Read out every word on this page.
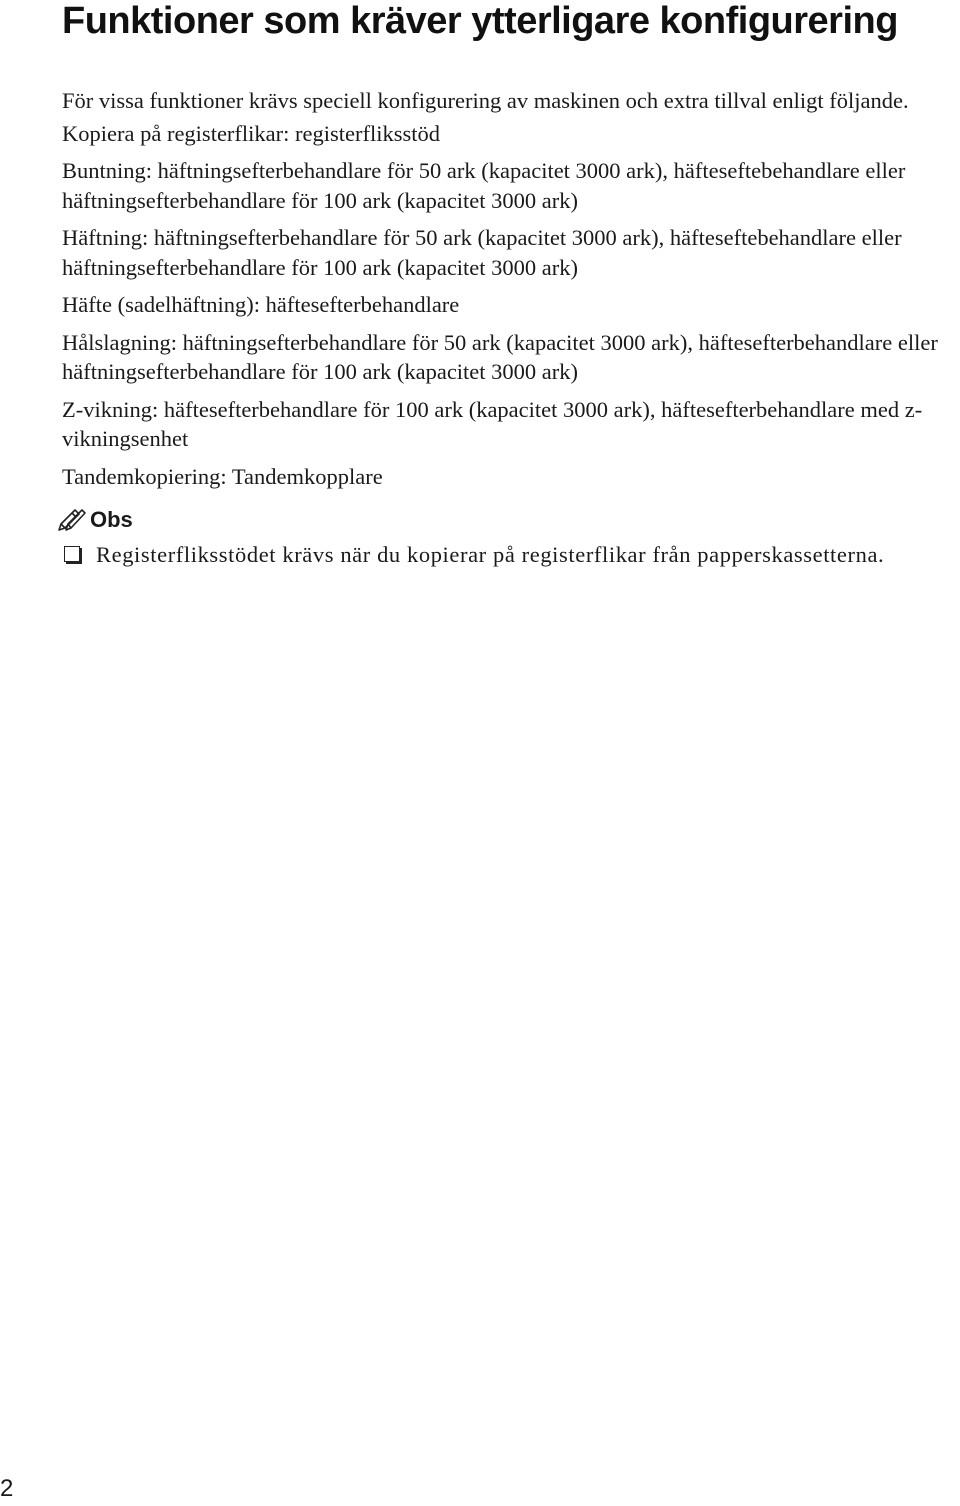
Funktioner som kräver ytterligare konfigurering

För vissa funktioner krävs speciell konfigurering av maskinen och extra tillval enligt följande.

Kopiera på registerflikar: registerfliksstöd

Buntning: häftningsefterbehandlare för 50 ark (kapacitet 3000 ark), häfteseftebehandlare eller häftningsefterbehandlare för 100 ark (kapacitet 3000 ark)

Häftning: häftningsefterbehandlare för 50 ark (kapacitet 3000 ark), häfteseftebehandlare eller häftningsefterbehandlare för 100 ark (kapacitet 3000 ark)

Häfte (sadelhäftning): häftesefterbehandlare

Hålslagning: häftningsefterbehandlare för 50 ark (kapacitet 3000 ark), häftesefterbehandlare eller häftningsefterbehandlare för 100 ark (kapacitet 3000 ark)

Z-vikning: häftesefterbehandlare för 100 ark (kapacitet 3000 ark), häftesefterbehandlare med z-vikningsenhet

Tandemkopiering: Tandemkopplare

Obs
Registerfliksstödet krävs när du kopierar på registerflikar från papperskassetterna.
2
